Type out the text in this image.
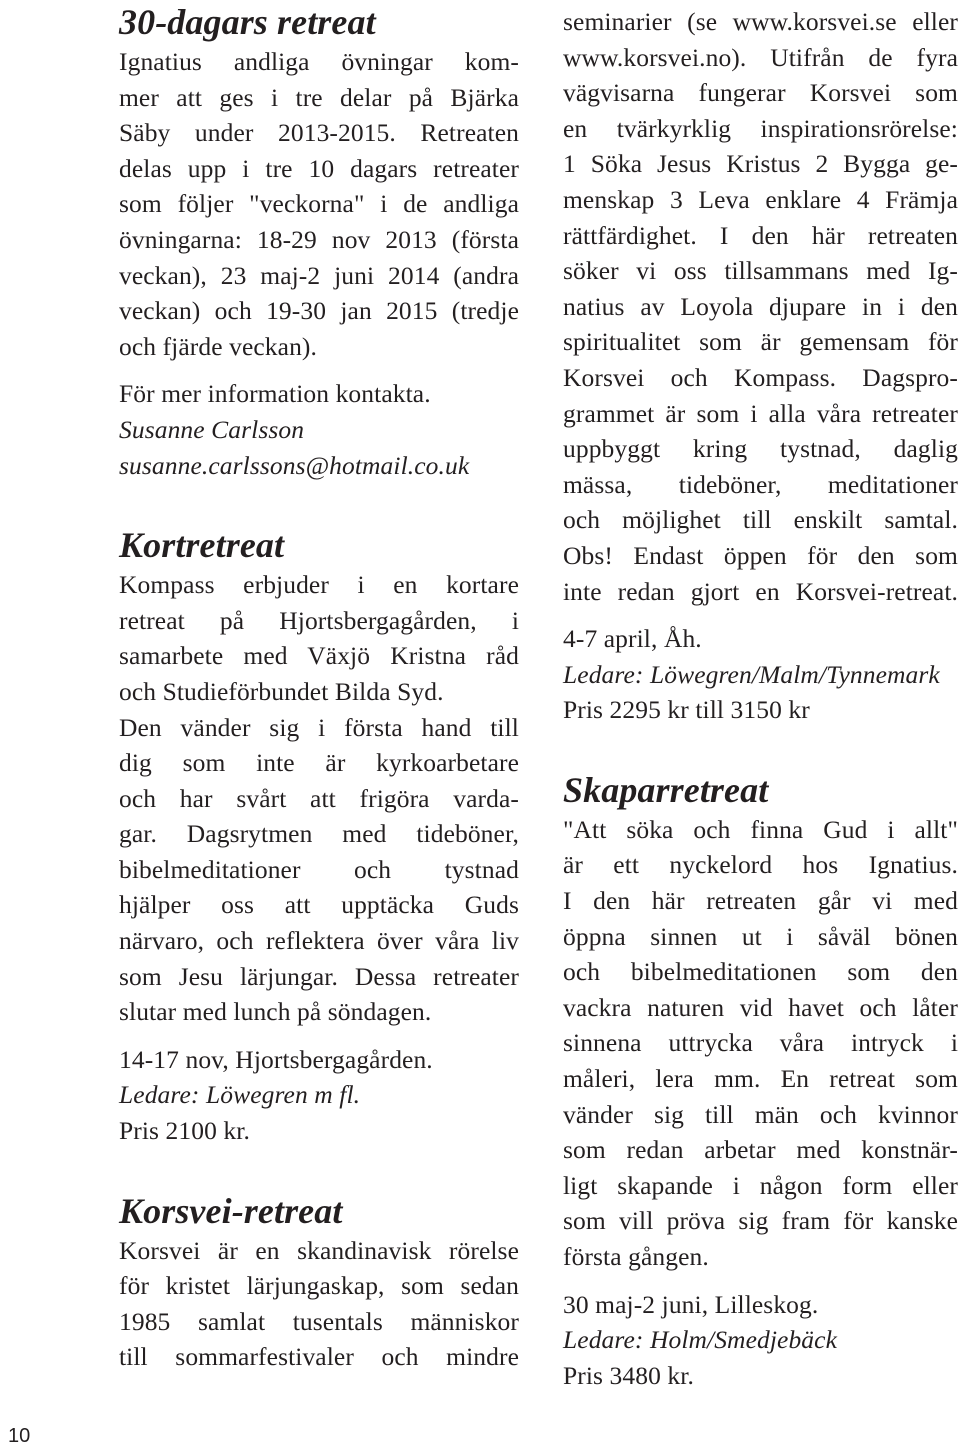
10
30-dagars retreat
Ignatius andliga övningar kom-
mer att ges i tre delar på Bjärka
Säby under 2013-2015. Retreaten
delas upp i tre 10 dagars retreater
som följer "veckorna" i de andliga
övningarna: 18-29 nov 2013 (första
veckan), 23 maj-2 juni 2014 (andra
veckan) och 19-30 jan 2015 (tredje
och fjärde veckan).
För mer information kontakta.
Susanne Carlsson
susanne.carlssons@hotmail.co.uk
Kortretreat
Kompass erbjuder i en kortare
retreat på Hjortsbergagården, i
samarbete med Växjö Kristna råd
och Studieförbundet Bilda Syd.
Den vänder sig i första hand till
dig som inte är kyrkoarbetare
och har svårt att frigöra varda-
gar. Dagsrytmen med tideböner,
bibelmeditationer och tystnad
hjälper oss att upptäcka Guds
närvaro, och reflektera över våra liv
som Jesu lärjungar. Dessa retreater
slutar med lunch på söndagen.
14-17 nov, Hjortsbergagården.
Ledare: Löwegren m fl.
Pris 2100 kr.
Korsvei-retreat
Korsvei är en skandinavisk rörelse
för kristet lärjungaskap, som sedan
1985 samlat tusentals människor
till sommarfestivaler och mindre
seminarier (se www.korsvei.se eller
www.korsvei.no). Utifrån de fyra
vägvisarna fungerar Korsvei som
en tvärkyrklig inspirationsrörelse:
1 Söka Jesus Kristus 2 Bygga ge-
menskap 3 Leva enklare 4 Främja
rättfärdighet. I den här retreaten
söker vi oss tillsammans med Ig-
natius av Loyola djupare in i den
spiritualitet som är gemensam för
Korsvei och Kompass. Dagspro-
grammet är som i alla våra retreater
uppbyggt kring tystnad, daglig
mässa, tideböner, meditationer
och möjlighet till enskilt samtal.
Obs! Endast öppen för den som
inte redan gjort en Korsvei-retreat.
4-7 april, Åh.
Ledare: Löwegren/Malm/Tynnemark
Pris 2295 kr till 3150 kr
Skaparretreat
"Att söka och finna Gud i allt"
är ett nyckelord hos Ignatius.
I den här retreaten går vi med
öppna sinnen ut i såväl bönen
och bibelmeditationen som den
vackra naturen vid havet och låter
sinnena uttrycka våra intryck i
måleri, lera mm. En retreat som
vänder sig till män och kvinnor
som redan arbetar med konstnär-
ligt skapande i någon form eller
som vill pröva sig fram för kanske
första gången.
30 maj-2 juni, Lilleskog.
Ledare: Holm/Smedjebäck
Pris 3480 kr.
